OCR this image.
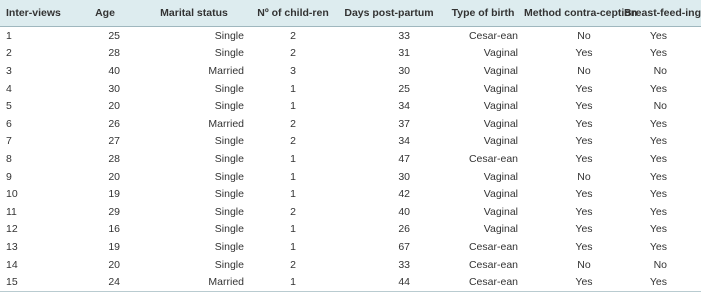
Inter-views	Age	Marital status	Nº of child-ren	Days post-partum	Type of birth	Method contra-ception	Breast-feed-ing
1	25	Single	2	33	Cesar-ean	No	Yes
2	28	Single	2	31	Vaginal	Yes	Yes
3	40	Married	3	30	Vaginal	No	No
4	30	Single	1	25	Vaginal	Yes	Yes
5	20	Single	1	34	Vaginal	Yes	No
6	26	Married	2	37	Vaginal	Yes	Yes
7	27	Single	2	34	Vaginal	Yes	Yes
8	28	Single	1	47	Cesar-ean	Yes	Yes
9	20	Single	1	30	Vaginal	No	Yes
10	19	Single	1	42	Vaginal	Yes	Yes
11	29	Single	2	40	Vaginal	Yes	Yes
12	16	Single	1	26	Vaginal	Yes	Yes
13	19	Single	1	67	Cesar-ean	Yes	Yes
14	20	Single	2	33	Cesar-ean	No	No
15	24	Married	1	44	Cesar-ean	Yes	Yes
